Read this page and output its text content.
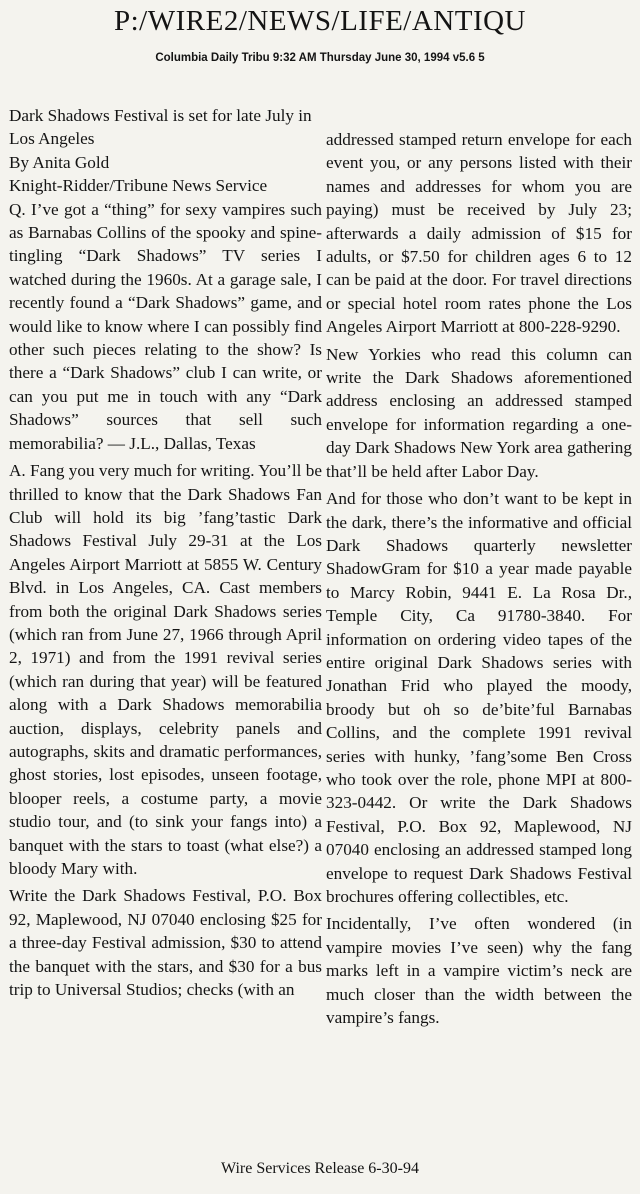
P:/WIRE2/NEWS/LIFE/ANTIQU
Columbia Daily Tribu 9:32 AM Thursday June 30, 1994 v5.6 5

Dark Shadows Festival is set for late July in Los Angeles

By Anita Gold

Knight-Ridder/Tribune News Service

Q. I’ve got a “thing” for sexy vampires such as Barnabas Collins of the spooky and spine-tingling “Dark Shadows” TV series I watched during the 1960s. At a garage sale, I recently found a “Dark Shadows” game, and would like to know where I can possibly find other such pieces relating to the show? Is there a “Dark Shadows” club I can write, or can you put me in touch with any “Dark Shadows” sources that sell such memorabilia? — J.L., Dallas, Texas

A. Fang you very much for writing. You’ll be thrilled to know that the Dark Shadows Fan Club will hold its big ’fang’tastic Dark Shadows Festival July 29-31 at the Los Angeles Airport Marriott at 5855 W. Century Blvd. in Los Angeles, CA. Cast members from both the original Dark Shadows series (which ran from June 27, 1966 through April 2, 1971) and from the 1991 revival series (which ran during that year) will be featured along with a Dark Shadows memorabilia auction, displays, celebrity panels and autographs, skits and dramatic performances, ghost stories, lost episodes, unseen footage, blooper reels, a costume party, a movie studio tour, and (to sink your fangs into) a banquet with the stars to toast (what else?) a bloody Mary with.

Write the Dark Shadows Festival, P.O. Box 92, Maplewood, NJ 07040 enclosing $25 for a three-day Festival admission, $30 to attend the banquet with the stars, and $30 for a bus trip to Universal Studios; checks (with an

addressed stamped return envelope for each event you, or any persons listed with their names and addresses for whom you are paying) must be received by July 23; afterwards a daily admission of $15 for adults, or $7.50 for children ages 6 to 12 can be paid at the door. For travel directions or special hotel room rates phone the Los Angeles Airport Marriott at 800-228-9290.

New Yorkies who read this column can write the Dark Shadows aforementioned address enclosing an addressed stamped envelope for information regarding a one-day Dark Shadows New York area gathering that’ll be held after Labor Day.

And for those who don’t want to be kept in the dark, there’s the informative and official Dark Shadows quarterly newsletter ShadowGram for $10 a year made payable to Marcy Robin, 9441 E. La Rosa Dr., Temple City, Ca 91780-3840. For information on ordering video tapes of the entire original Dark Shadows series with Jonathan Frid who played the moody, broody but oh so de’bite’ful Barnabas Collins, and the complete 1991 revival series with hunky, ’fang’some Ben Cross who took over the role, phone MPI at 800-323-0442. Or write the Dark Shadows Festival, P.O. Box 92, Maplewood, NJ 07040 enclosing an addressed stamped long envelope to request Dark Shadows Festival brochures offering collectibles, etc.

Incidentally, I’ve often wondered (in vampire movies I’ve seen) why the fang marks left in a vampire victim’s neck are much closer than the width between the vampire’s fangs.

Wire Services Release 6-30-94
